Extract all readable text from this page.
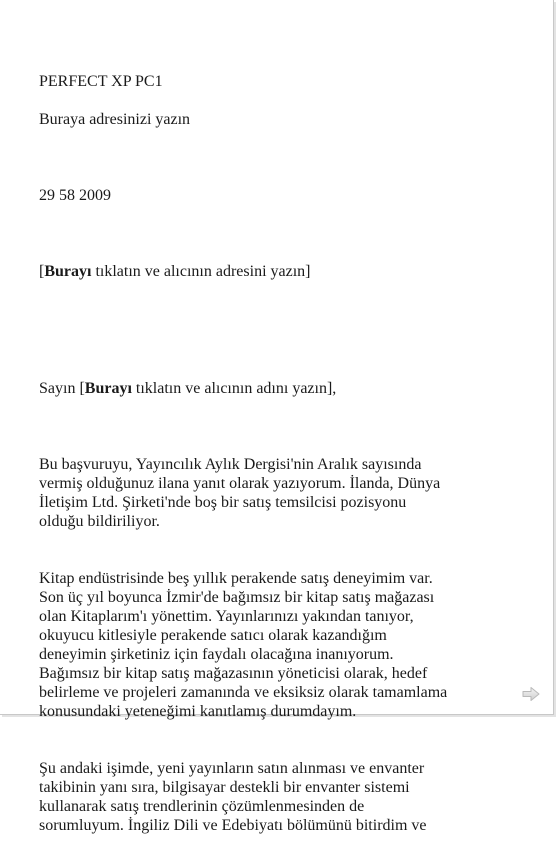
PERFECT XP PC1

Buraya adresinizi yazın

29 58 2009

[Burayı tıklatın ve alıcının adresini yazın]

Sayın [Burayı tıklatın ve alıcının adını yazın],

Bu başvuruyu, Yayıncılık Aylık Dergisi'nin Aralık sayısında
vermiş olduğunuz ilana yanıt olarak yazıyorum. İlanda, Dünya
İletişim Ltd. Şirketi'nde boş bir satış temsilcisi pozisyonu
olduğu bildiriliyor.

Kitap endüstrisinde beş yıllık perakende satış deneyimim var.
Son üç yıl boyunca İzmir'de bağımsız bir kitap satış mağazası
olan Kitaplarım'ı yönettim. Yayınlarınızı yakından tanıyor,
okuyucu kitlesiyle perakende satıcı olarak kazandığım
deneyimin şirketiniz için faydalı olacağına inanıyorum.
Bağımsız bir kitap satış mağazasının yöneticisi olarak, hedef
belirleme ve projeleri zamanında ve eksiksiz olarak tamamlama
konusundaki yeteneğimi kanıtlamış durumdayım.

Şu andaki işimde, yeni yayınların satın alınması ve envanter
takibinin yanı sıra, bilgisayar destekli bir envanter sistemi
kullanarak satış trendlerinin çözümlenmesinden de
sorumluyum. İngiliz Dili ve Edebiyatı bölümünü bitirdim ve
